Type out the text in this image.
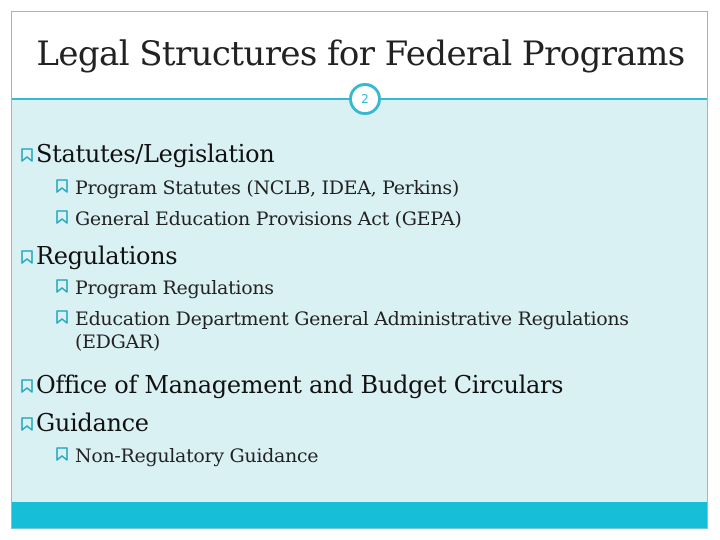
Legal Structures for Federal Programs
Statutes/Legislation
Program Statutes (NCLB, IDEA, Perkins)
General Education Provisions Act (GEPA)
Regulations
Program Regulations
Education Department General Administrative Regulations (EDGAR)
Office of Management and Budget Circulars
Guidance
Non-Regulatory Guidance
2
